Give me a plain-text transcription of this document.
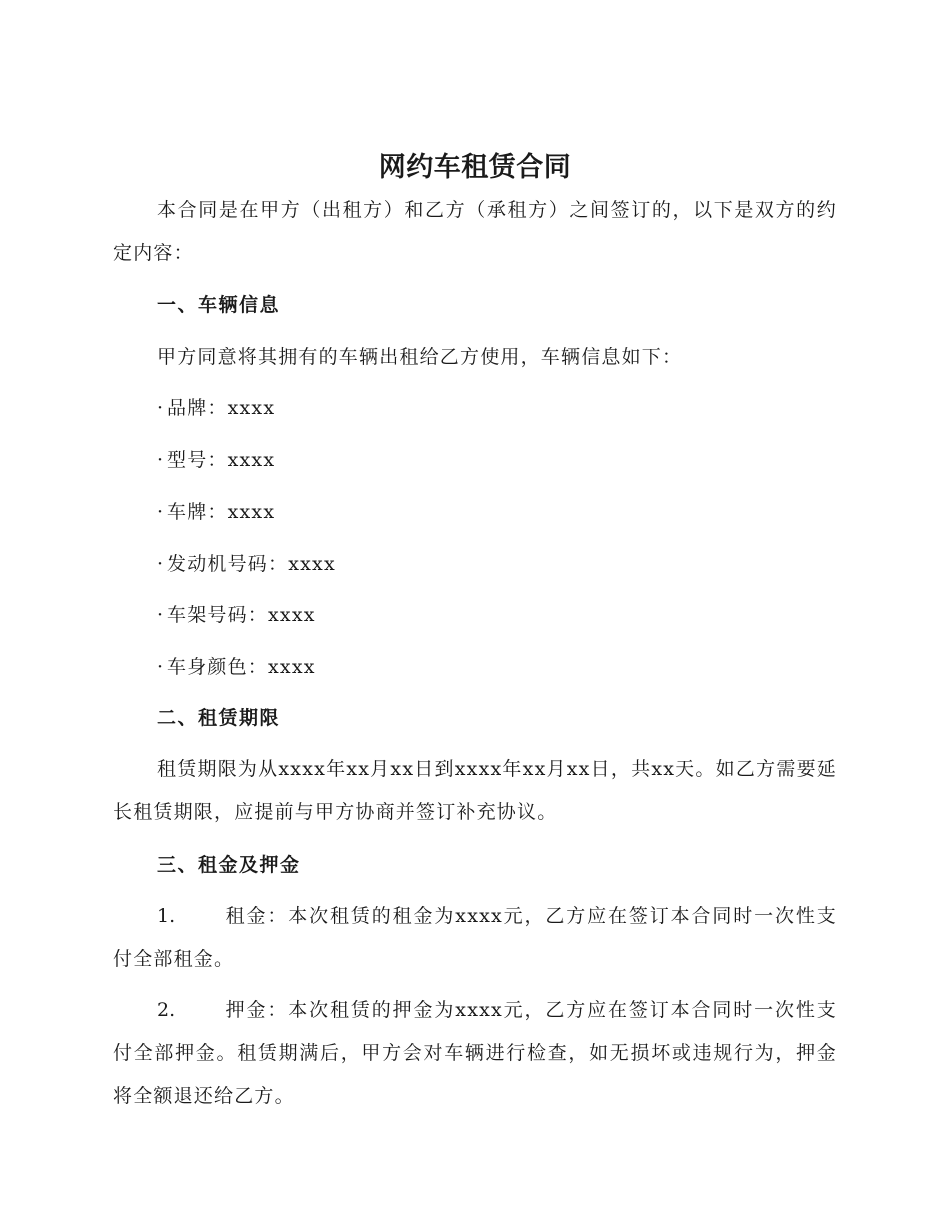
网约车租赁合同
本合同是在甲方（出租方）和乙方（承租方）之间签订的，以下是双方的约定内容：
一、车辆信息
甲方同意将其拥有的车辆出租给乙方使用，车辆信息如下：
· 品牌：xxxx
· 型号：xxxx
· 车牌：xxxx
· 发动机号码：xxxx
· 车架号码：xxxx
· 车身颜色：xxxx
二、租赁期限
租赁期限为从xxxx年xx月xx日到xxxx年xx月xx日，共xx天。如乙方需要延长租赁期限，应提前与甲方协商并签订补充协议。
三、租金及押金
1.	租金：本次租赁的租金为xxxx元，乙方应在签订本合同时一次性支付全部租金。
2.	押金：本次租赁的押金为xxxx元，乙方应在签订本合同时一次性支付全部押金。租赁期满后，甲方会对车辆进行检查，如无损坏或违规行为，押金将全额退还给乙方。
